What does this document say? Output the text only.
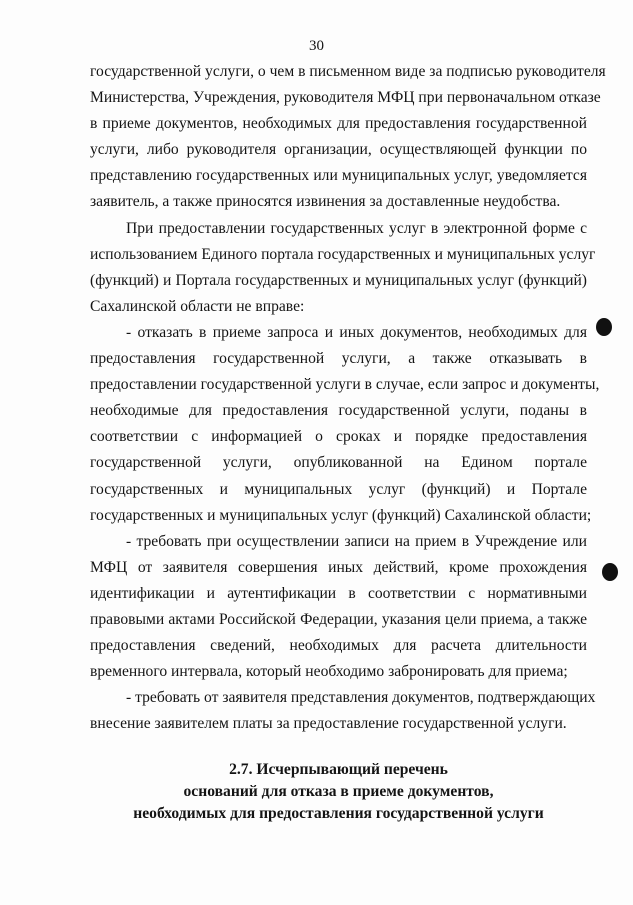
30
государственной услуги, о чем в письменном виде за подписью руководителя
Министерства, Учреждения, руководителя МФЦ при первоначальном отказе
в приеме документов, необходимых для предоставления государственной
услуги, либо руководителя организации, осуществляющей функции по
представлению государственных или муниципальных услуг, уведомляется
заявитель, а также приносятся извинения за доставленные неудобства.
При предоставлении государственных услуг в электронной форме с
использованием Единого портала государственных и муниципальных услуг
(функций) и Портала государственных и муниципальных услуг (функций)
Сахалинской области не вправе:
- отказать в приеме запроса и иных документов, необходимых для
предоставления государственной услуги, а также отказывать в
предоставлении государственной услуги в случае, если запрос и документы,
необходимые для предоставления государственной услуги, поданы в
соответствии с информацией о сроках и порядке предоставления
государственной услуги, опубликованной на Едином портале
государственных и муниципальных услуг (функций) и Портале
государственных и муниципальных услуг (функций) Сахалинской области;
- требовать при осуществлении записи на прием в Учреждение или
МФЦ от заявителя совершения иных действий, кроме прохождения
идентификации и аутентификации в соответствии с нормативными
правовыми актами Российской Федерации, указания цели приема, а также
предоставления сведений, необходимых для расчета длительности
временного интервала, который необходимо забронировать для приема;
- требовать от заявителя представления документов, подтверждающих
внесение заявителем платы за предоставление государственной услуги.
2.7. Исчерпывающий перечень
оснований для отказа в приеме документов,
необходимых для предоставления государственной услуги
